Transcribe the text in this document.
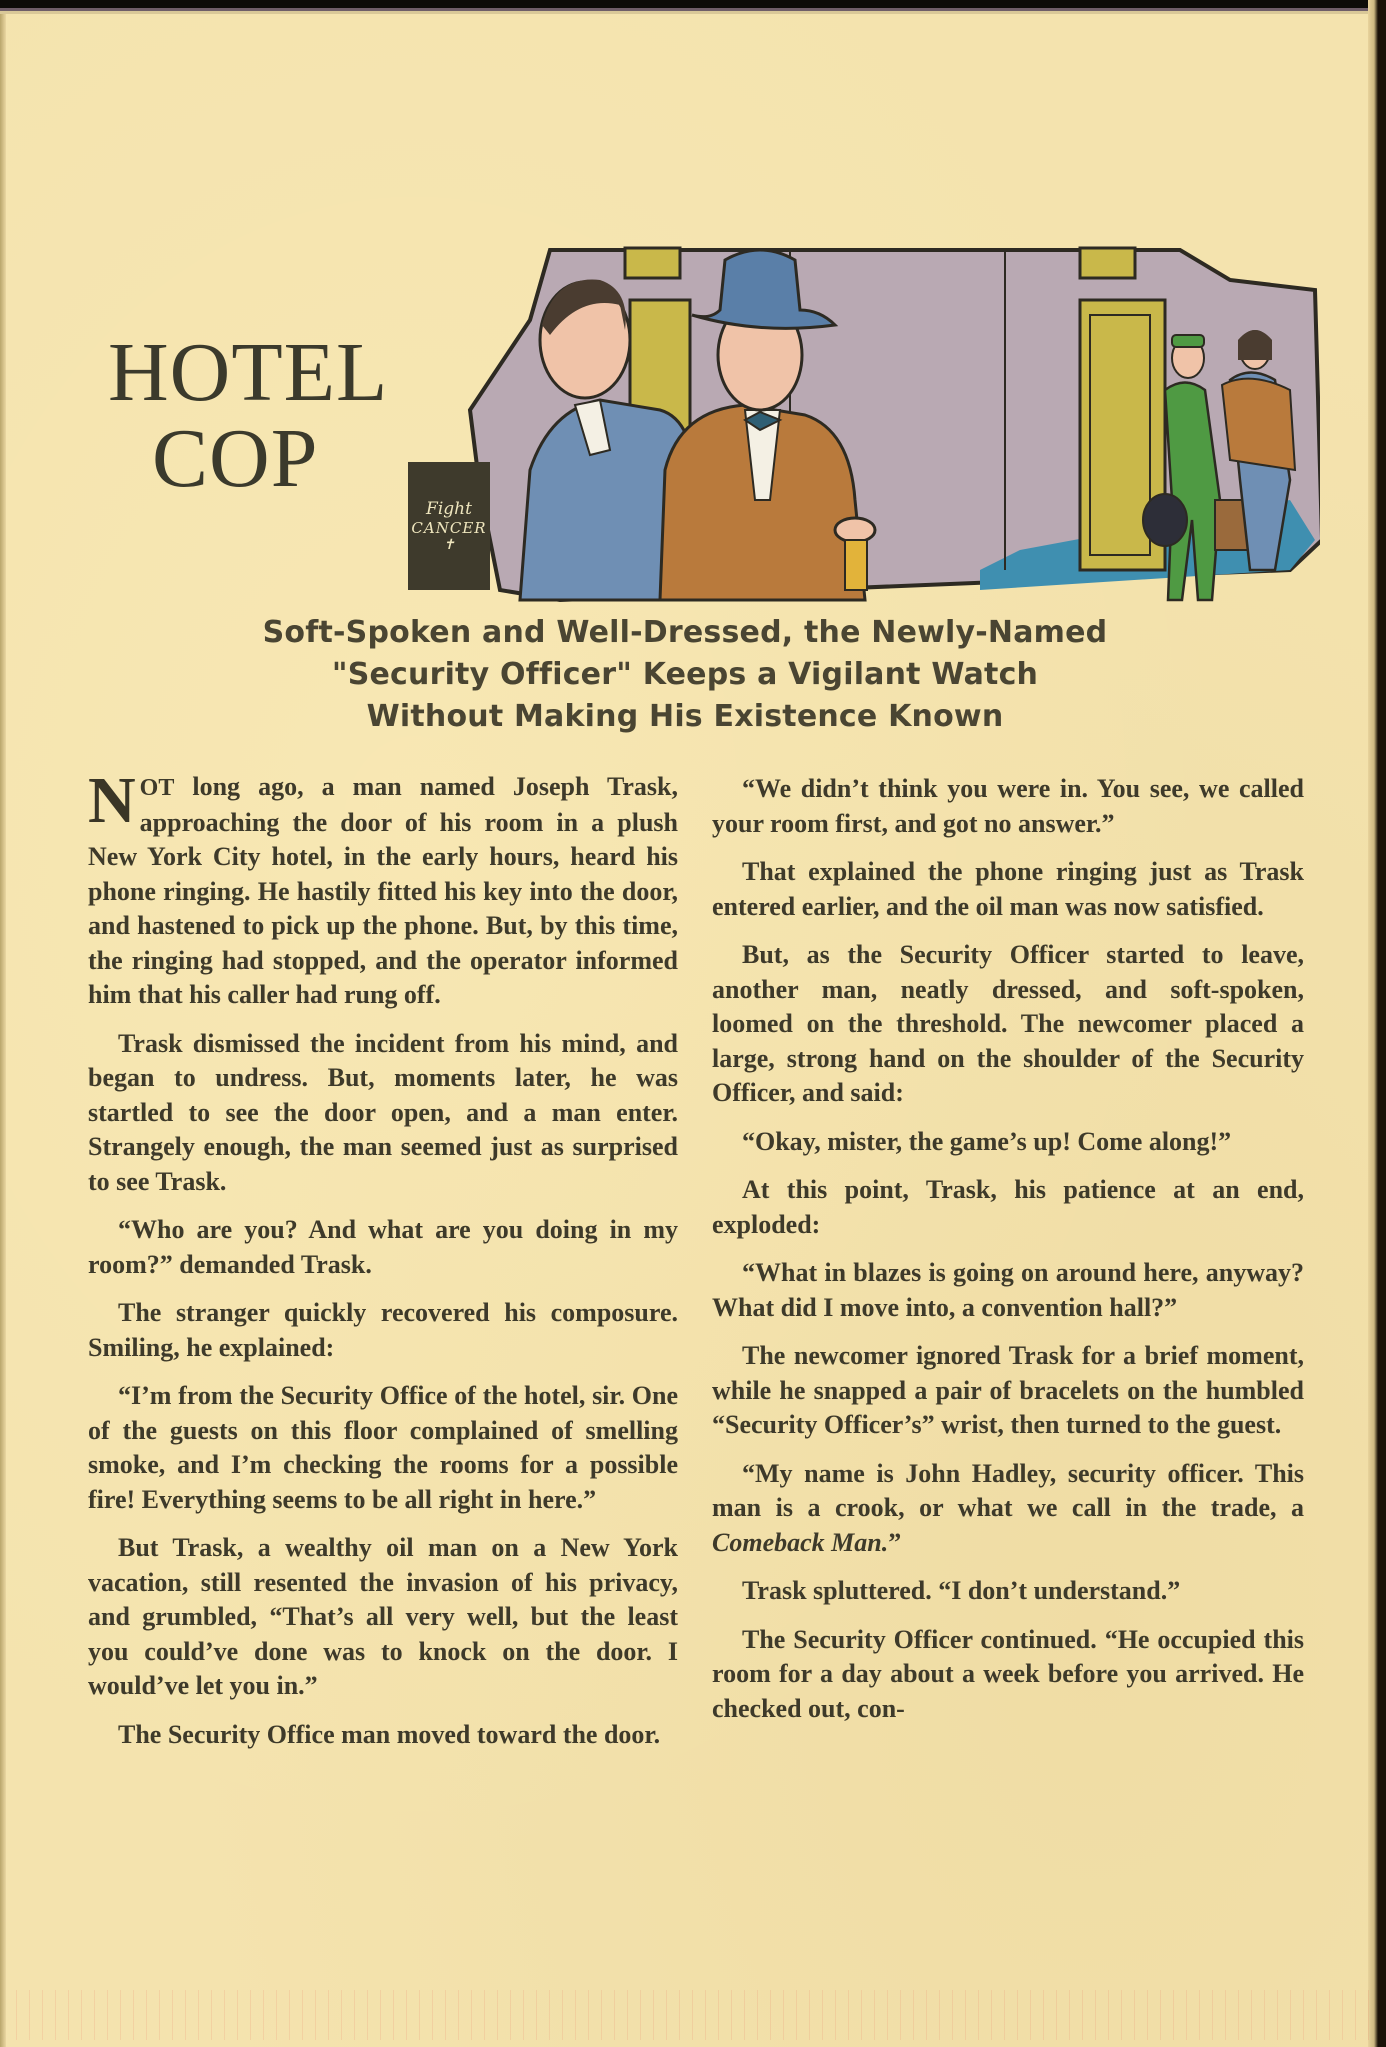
HOTEL
COP
Fight
CANCER
✝
Soft-Spoken and Well-Dressed, the Newly-Named
"Security Officer" Keeps a Vigilant Watch
Without Making His Existence Known

NOT long ago, a man named Joseph Trask, approaching the door of his room in a plush New York City hotel, in the early hours, heard his phone ringing. He hastily fitted his key into the door, and hastened to pick up the phone. But, by this time, the ringing had stopped, and the operator informed him that his caller had rung off.

Trask dismissed the incident from his mind, and began to undress. But, moments later, he was startled to see the door open, and a man enter. Strangely enough, the man seemed just as surprised to see Trask.

“Who are you? And what are you doing in my room?” demanded Trask.

The stranger quickly recovered his composure. Smiling, he explained:

“I’m from the Security Office of the hotel, sir. One of the guests on this floor complained of smelling smoke, and I’m checking the rooms for a possible fire! Everything seems to be all right in here.”

But Trask, a wealthy oil man on a New York vacation, still resented the invasion of his privacy, and grumbled, “That’s all very well, but the least you could’ve done was to knock on the door. I would’ve let you in.”

The Security Office man moved toward the door.

“We didn’t think you were in. You see, we called your room first, and got no answer.”

That explained the phone ringing just as Trask entered earlier, and the oil man was now satisfied.

But, as the Security Officer started to leave, another man, neatly dressed, and soft-spoken, loomed on the threshold. The newcomer placed a large, strong hand on the shoulder of the Security Officer, and said:

“Okay, mister, the game’s up! Come along!”

At this point, Trask, his patience at an end, exploded:

“What in blazes is going on around here, anyway? What did I move into, a convention hall?”

The newcomer ignored Trask for a brief moment, while he snapped a pair of bracelets on the humbled “Security Officer’s” wrist, then turned to the guest.

“My name is John Hadley, security officer. This man is a crook, or what we call in the trade, a Comeback Man.”

Trask spluttered. “I don’t understand.”

The Security Officer continued. “He occupied this room for a day about a week before you arrived. He checked out, con-
